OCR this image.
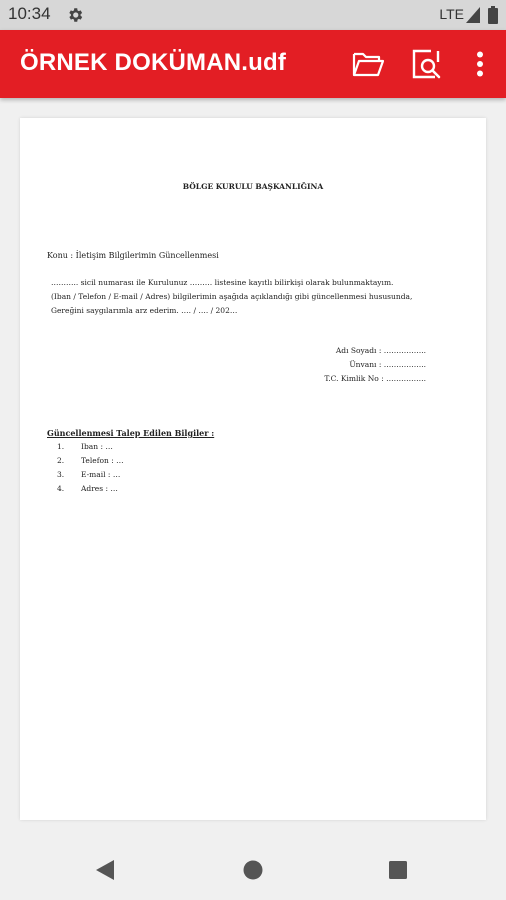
10:34	LTE
ÖRNEK DOKÜMAN.udf
BÖLGE KURULU BAŞKANLIĞINA
Konu : İletişim Bilgilerimin Güncellenmesi
……….. sicil numarası ile Kurulunuz ……… listesine kayıtlı bilirkişi olarak bulunmaktayım.
(Iban / Telefon / E-mail / Adres) bilgilerimin aşağıda açıklandığı gibi güncellenmesi hususunda,
Gereğini saygılarımla arz ederim. …. / …. / 202…
Adı Soyadı : ……………..
Ünvanı : ……………..
T.C. Kimlik No : …………….
Güncellenmesi Talep Edilen Bilgiler :
1. Iban : …
2. Telefon : …
3. E-mail : …
4. Adres : …
